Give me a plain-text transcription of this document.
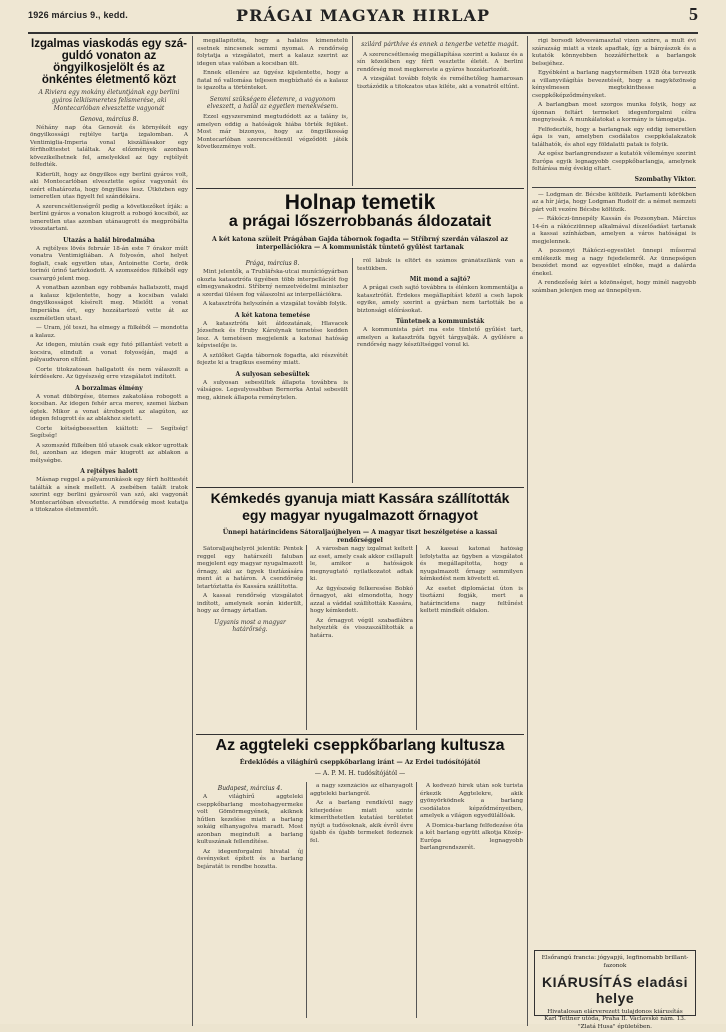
1926 március 9., kedd.	PRÁGAI MAGYAR HIRLAP	5
Izgalmas viaskodás egy szá-guldó vonaton az öngyilkosjelölt és az önkéntes életmentő közt
A Riviera egy mokány életuntjának egy berlini gyáros lelkiismeretes felismerése, aki Montecarlóban elvesztette vagyonát
Genova, március 8.

Néhány nap óta Genovát és környékét egy öngyilkossági rejtélye tartja izgalomban. A Ventimiglia-Imperia vonal kiszállásakor egy férfiholttestet találtak. Az előzmények azonban kövezikelhetnek fel, amelyekkel az ügy rejtélyét felfedték.

Kiderült, hogy az öngyilkos egy berlini gyáros volt, aki Montecarlóban elvesztette egész vagyonát és ezért elhatározta, hogy öngyilkos lesz. Útközben egy ismeretlen utas figyelt fel szándékára.

A szerencsétlenségről pedig a következőket írják: a berlini gyáros a vonaton kiugrott a robogó kocsiból, az ismeretlen utas azonban utánaugrott és megpróbálta visszatartani.

Utazás a halál birodalmába

A rejtélyes lövés február 18-án este 7 órakor múlt vonatra Ventimigliában. A folyosón, ahol helyet foglalt, csak egyetlen utas, Antoinette Corte, örök torinói úrinő tartózkodott. A szomszédos fülkéből egy csavargó jelent meg.

A vonatban azonban egy robbanás hallatszott, majd a kalauz kijelentette, hogy a kocsiban valaki öngyilkosságot kísérelt meg. Mielőtt a vonat Imperiába ért, egy hozzátartozó vette át az eszméletlen utast.

— Uram, jól teszi, ha elmegy a fülkéből — mondotta a kalauz.

Az idegen, miután csak egy futó pillantást vetett a kocsira, elindult a vonat folyosóján, majd a pályaudvaron eltűnt.

Corte titokzatosan hallgatott és nem válaszolt a kérdésekre. Az ügyészség erre vizsgálatot indított.

A borzalmas élmény

A vonat dübörgése, ütemes zakatolása robogott a kocsiban. Az idegen fehér arca merev, szemei lázban égtek. Mikor a vonat átrobogott az alagúton, az idegen felugrott és az ablakhoz sietett.

Corte kétségbeesetten kiáltott: — Segítség! Segítség!

A szomszéd fülkében ülő utasok csak ekkor ugrottak fel, azonban az idegen már kiugrott az ablakon a mélységbe.

A rejtélyes halott

Másnap reggel a pályamunkások egy férfi holttestét találták a sínek mellett. A zsebében talált iratok szerint egy berlini gyárosról van szó, aki vagyonát Montecarlóban elvesztette. A rendőrség most kutatja a titokzatos életmentőt.

megállapította, hogy a halálos kimenetelű esetnek nincsenek semmi nyomai. A rendőrség folytatja a vizsgálatot, mert a kalauz szerint az idegen utas valóban a kocsiban ült.

Ennek ellenére az ügyész kijelentette, hogy a fiatal nő vallomása teljesen megbízható és a kalauz is igazolta a történteket.

Semmi szükségem életemre, a vagyonom elveszett, a halál az egyetlen menekvésem.

Ezzel egyszersmind megtudódott az a talány is, amelyen eddig a hatóságok hiába törték fejüket. Most már bizonyos, hogy az öngyilkosság Montecarlóban szerencsétlenül végződött játék következménye volt.

szilárd párthíve és ennek a tengerbe vetette magát.

A szerencsétlenség megállapítása szerint a kalauz és a sín közelében egy férfi vesztette életét. A berlini rendőrség most megkereste a gyáros hozzátartozóit.

A vizsgálat tovább folyik és remélhetőleg hamarosan tisztázódik a titokzatos utas kiléte, aki a vonatról eltűnt.

Holnap temetik
a prágai lőszerrobbanás áldozatait
A két katona szüleit Prágában Gajda tábornok fogadta — Stříbrný szerdán válaszol az interpellációkra — A kommunisták tüntető gyűlést tartanak
Prága, március 8.

Mint jelentők, a Trubläřska-utcai muníciógyárban okozta katasztrófa ügyében több interpellációt fog elmegyanakodni. Stříbrný nemzetvédelmi miniszter a szerdai ülésen fog válaszolni az interpellációkra.

A katasztrófa helyszínén a vizsgálat tovább folyik.

A két katona temetése

A katasztrófa két áldozatának, Hlavacek Józsefnek és Hruby Károlynak temetése kedden lesz. A temetésen megjelenik a katonai hatóság képviselője is.

A szülőket Gajda tábornok fogadta, aki részvétét fejezte ki a tragikus esemény miatt.

A sulyosan sebesültek

A sulyosan sebesültek állapota továbbra is válságos. Legsulyosabban Bernorka Antal sebesült meg, akinek állapota reménytelen.

ról lábuk is eltört és számos gránátszilánk van a testükben.

Mit mond a sajtó?

A prágai cseh sajtó továbbra is élénken kommentálja a katasztrófát. Érdekes megállapítást közöl a cseh lapok egyike, amely szerint a gyárban nem tartották be a biztonsági előírásokat.

Tüntetnek a kommunisták

A kommunista párt ma este tüntető gyűlést tart, amelyen a katasztrófa ügyét tárgyalják. A gyűlésre a rendőrség nagy készültséggel vonul ki.

Kémkedés gyanuja miatt Kassára szállították
egy magyar nyugalmazott őrnagyot
Ünnepi határincidens Sátoraljaújhelyen — A magyar tiszt beszélgetése a kassai rendőrséggel

Sátoraljaújhelyről jelentik: Péntek reggel egy határszéli faluban megjelent egy magyar nyugalmazott őrnagy, aki az ügyek tisztázására ment át a határon. A csendőrség letartóztatta és Kassára szállította.

A kassai rendőrség vizsgálatot indított, amelynek során kiderült, hogy az őrnagy ártatlan.

Ugyanis most a magyar határőrség.

A városban nagy izgalmat keltett az eset, amely csak akkor csillapult le, amikor a hatóságok megnyugtató nyilatkozatot adtak ki.

Az ügyészség felkeresése Bobkó őrnagyot, aki elmondotta, hogy azzal a váddal szállították Kassára, hogy kémkedett.

Az őrnagyot végül szabadlábra helyezték és visszaszállították a határra.

A kassai katonai hatóság lefolytatta az ügyben a vizsgálatot és megállapította, hogy a nyugalmazott őrnagy semmilyen kémkedést nem követett el.

Az esetet diplomáciai úton is tisztázni fogják, mert a határincidens nagy feltűnést keltett mindkét oldalon.

Az aggteleki cseppkőbarlang kultusza
Érdeklődés a világhírű cseppkőbarlang iránt — Az Erdei tudósítójától
— A. P. M. H. tudósítójától —
Budapest, március 4.

A világhírű aggteleki cseppkőbarlang mostohagyermeke volt Gömörmegyének, akiknek hűtlen kezelése miatt a barlang sokáig elhanyagolva maradt. Most azonban megindult a barlang kultuszának fellendítése.

Az idegenforgalmi hivatal új ösvényeket épített és a barlang bejáratát is rendbe hozatta.

a nagy szenzációs az elhanyagolt aggteleki barlangról.

Az a barlang rendkívül nagy kiterjedése miatt szinte kimeríthetetlen kutatási területet nyújt a tudósoknak, akik évről évre újabb és újabb termeket fedeznek fel.

A kedvező hírek után sok turista érkezik Aggtelekre, akik gyönyörködnek a barlang csodálatos képződményeiben, amelyek a világon egyedülállóak.

A Domica-barlang felfedezése óta a két barlang együtt alkotja Közép-Európa legnagyobb barlangrendszerét.

rigi borsodi kövesvámasztal vizen szinre, a mult évi szárazság miatt a vizek apadtak, így a bányászok és a kutatók könnyebben hozzáférhettek a barlangok belsejéhez.

Egyébként a barlang nagytermében 1928 óta tervezik a villanyvilágítás bevezetését, hogy a nagyközönség kényelmesen megtekinthesse a cseppkőképződményeket.

A barlangban most szorgos munka folyik, hogy az újonnan feltárt termeket idegenforgalmi célra megnyissák. A munkálatokat a kormány is támogatja.

Felfedezték, hogy a barlangnak egy eddig ismeretlen ága is van, amelyben csodálatos cseppkőalakzatok találhatók, és ahol egy földalatti patak is folyik.

Az egész barlangrendszer a kutatók véleménye szerint Európa egyik legnagyobb cseppkőbarlangja, amelynek feltárása még évekig eltart.

Szombathy Viktor.

— Lodgman dr. Bécsbe költözik. Parlamenti körökben az a hír járja, hogy Lodgman Rudolf dr. a német nemzeti párt volt vezére Bécsbe költözik.

— Rákóczi-ünnepély Kassán és Pozsonyban. Március 14-én a rákócziünnep alkalmával díszelőadást tartanak a kassai színházban, amelyen a város hatóságai is megjelennek.

A pozsonyi Rákóczi-egyesület ünnepi műsorral emlékezik meg a nagy fejedelemről. Az ünnepségen beszédet mond az egyesület elnöke, majd a dalárda énekel.

A rendezőség kéri a közönséget, hogy minél nagyobb számban jelenjen meg az ünnepélyen.

Elsőrangú francia: jógyapjú, legfinomabb brillant-fazonok
KIÁRUSÍTÁS eladási helye
Hivatalosan elárverezett tulajdonos kiárusítás
Karl Tettner utóda, Praha II. Václavské nám. 13. "Zlatá Husa" épületében.
